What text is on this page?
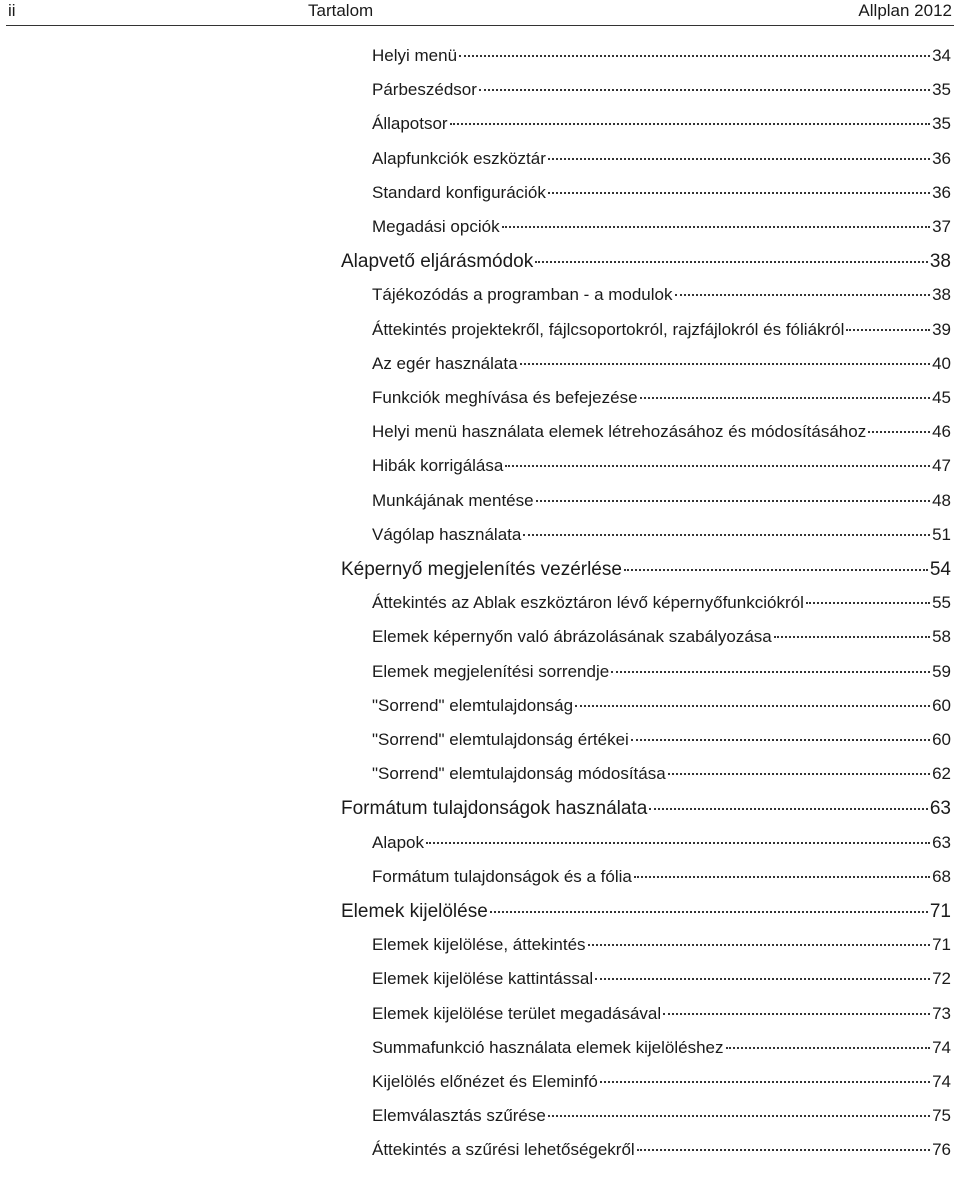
ii	Tartalom	Allplan 2012
Helyi menü	34
Párbeszédsor	35
Állapotsor	35
Alapfunkciók eszköztár	36
Standard konfigurációk	36
Megadási opciók	37
Alapvető eljárásmódok	38
Tájékozódás a programban - a modulok	38
Áttekintés projektekről, fájlcsoportokról, rajzfájlokról és fóliákról	39
Az egér használata	40
Funkciók meghívása és befejezése	45
Helyi menü használata elemek létrehozásához és módosításához	46
Hibák korrigálása	47
Munkájának mentése	48
Vágólap használata	51
Képernyő megjelenítés vezérlése	54
Áttekintés az Ablak eszköztáron lévő képernyőfunkciókról	55
Elemek képernyőn való ábrázolásának szabályozása	58
Elemek megjelenítési sorrendje	59
"Sorrend" elemtulajdonság	60
"Sorrend" elemtulajdonság értékei	60
"Sorrend" elemtulajdonság módosítása	62
Formátum tulajdonságok használata	63
Alapok	63
Formátum tulajdonságok és a fólia	68
Elemek kijelölése	71
Elemek kijelölése, áttekintés	71
Elemek kijelölése kattintással	72
Elemek kijelölése terület megadásával	73
Summafunkció használata elemek kijelöléshez	74
Kijelölés előnézet és Eleminfó	74
Elemválasztás szűrése	75
Áttekintés a szűrési lehetőségekről	76
